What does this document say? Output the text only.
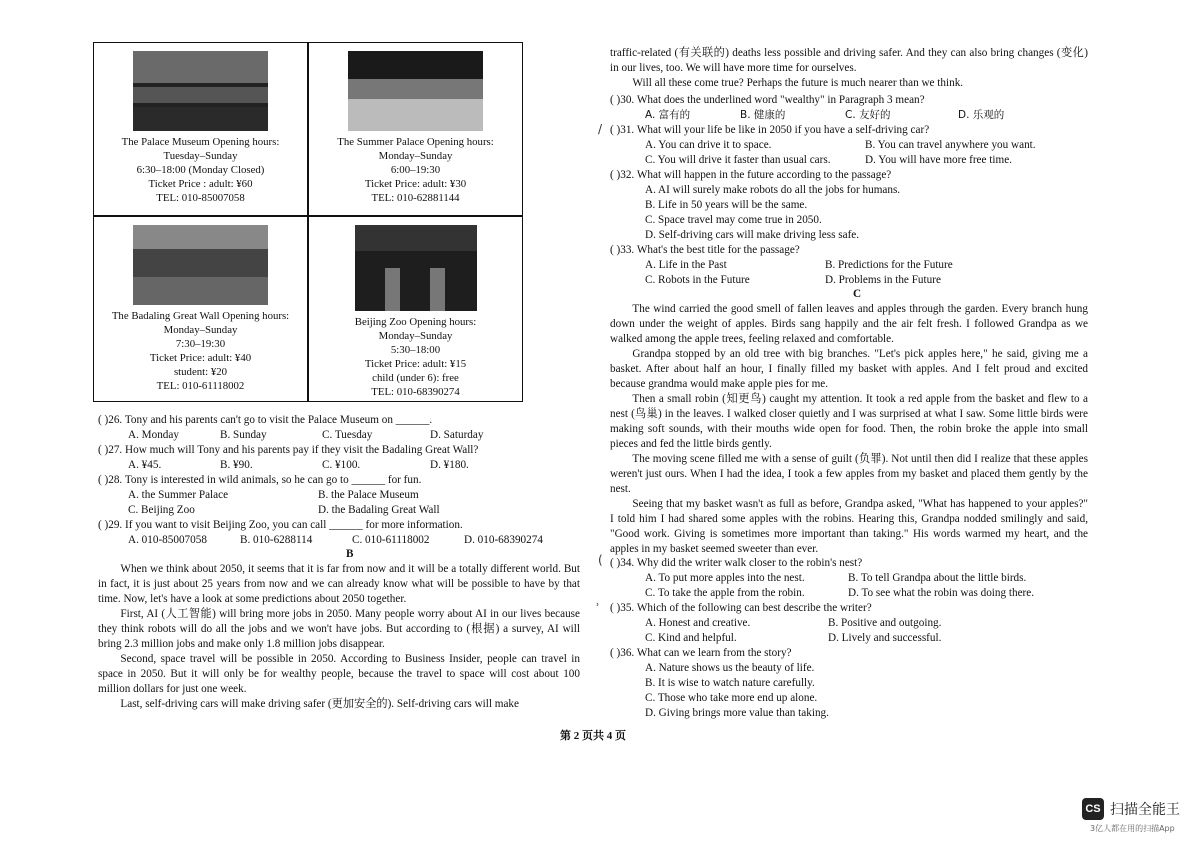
The Palace Museum Opening hours:
Tuesday–Sunday
6:30–18:00 (Monday Closed)
Ticket Price : adult: ¥60
TEL: 010-85007058
The Summer Palace Opening hours:
Monday–Sunday
6:00–19:30
Ticket Price: adult: ¥30
TEL: 010-62881144
The Badaling Great Wall Opening hours:
Monday–Sunday
7:30–19:30
Ticket Price: adult: ¥40
student: ¥20
TEL: 010-61118002
Beijing Zoo Opening hours:
Monday–Sunday
5:30–18:00
Ticket Price: adult: ¥15
child (under 6): free
TEL: 010-68390274
( )26. Tony and his parents can't go to visit the Palace Museum on ______.
A. Monday	B. Sunday	C. Tuesday	D. Saturday
( )27. How much will Tony and his parents pay if they visit the Badaling Great Wall?
A. ¥45.	B. ¥90.	C. ¥100.	D. ¥180.
( )28. Tony is interested in wild animals, so he can go to ______ for fun.
A. the Summer Palace	B. the Palace Museum
C. Beijing Zoo	D. the Badaling Great Wall
( )29. If you want to visit Beijing Zoo, you can call ______ for more information.
A. 010-85007058	B. 010-6288114	C. 010-61118002	D. 010-68390274
B

When we think about 2050, it seems that it is far from now and it will be a totally different world. But in fact, it is just about 25 years from now and we can already know what will be possible to have by that time. Now, let's have a look at some predictions about 2050 together.

First, AI (人工智能) will bring more jobs in 2050. Many people worry about AI in our lives because they think robots will do all the jobs and we won't have jobs. But according to (根据) a survey, AI will bring 2.3 million jobs and make only 1.8 million jobs disappear.

Second, space travel will be possible in 2050. According to Business Insider, people can travel in space in 2050. But it will only be for wealthy people, because the travel to space will cost about 100 million dollars for just one week.

Last, self-driving cars will make driving safer (更加安全的). Self-driving cars will make

traffic-related (有关联的) deaths less possible and driving safer. And they can also bring changes (变化) in our lives, too. We will have more time for ourselves.

Will all these come true? Perhaps the future is much nearer than we think.

( )30. What does the underlined word "wealthy" in Paragraph 3 mean?
A. 富有的	B. 健康的	C. 友好的	D. 乐观的
( )31. What will your life be like in 2050 if you have a self-driving car?
A. You can drive it to space.	B. You can travel anywhere you want.
C. You will drive it faster than usual cars.	D. You will have more free time.
( )32. What will happen in the future according to the passage?
A. AI will surely make robots do all the jobs for humans.
B. Life in 50 years will be the same.
C. Space travel may come true in 2050.
D. Self-driving cars will make driving less safe.
( )33. What's the best title for the passage?
A. Life in the Past	B. Predictions for the Future
C. Robots in the Future	D. Problems in the Future
C

The wind carried the good smell of fallen leaves and apples through the garden. Every branch hung down under the weight of apples. Birds sang happily and the air felt fresh. I followed Grandpa as we walked among the apple trees, feeling relaxed and comfortable.

Grandpa stopped by an old tree with big branches. "Let's pick apples here," he said, giving me a basket. After about half an hour, I finally filled my basket with apples. And I felt proud and excited because grandma would make apple pies for me.

Then a small robin (知更鸟) caught my attention. It took a red apple from the basket and flew to a nest (鸟巢) in the leaves. I walked closer quietly and I was surprised at what I saw. Some little birds were making soft sounds, with their mouths wide open for food. Then, the robin broke the apple into small pieces and fed the little birds gently.

The moving scene filled me with a sense of guilt (负罪). Not until then did I realize that these apples weren't just ours. When I had the idea, I took a few apples from my basket and placed them gently by the nest.

Seeing that my basket wasn't as full as before, Grandpa asked, "What has happened to your apples?" I told him I had shared some apples with the robins. Hearing this, Grandpa nodded smilingly and said, "Good work. Giving is sometimes more important than taking." His words warmed my heart, and the apples in my basket seemed sweeter than ever.

( )34. Why did the writer walk closer to the robin's nest?
A. To put more apples into the nest.	B. To tell Grandpa about the little birds.
C. To take the apple from the robin.	D. To see what the robin was doing there.
( )35. Which of the following can best describe the writer?
A. Honest and creative.	B. Positive and outgoing.
C. Kind and helpful.	D. Lively and successful.
( )36. What can we learn from the story?
A. Nature shows us the beauty of life.
B. It is wise to watch nature carefully.
C. Those who take more end up alone.
D. Giving brings more value than taking.
/
(
˒
第 2 页共 4 页
CS 扫描全能王
3亿人都在用的扫描App
